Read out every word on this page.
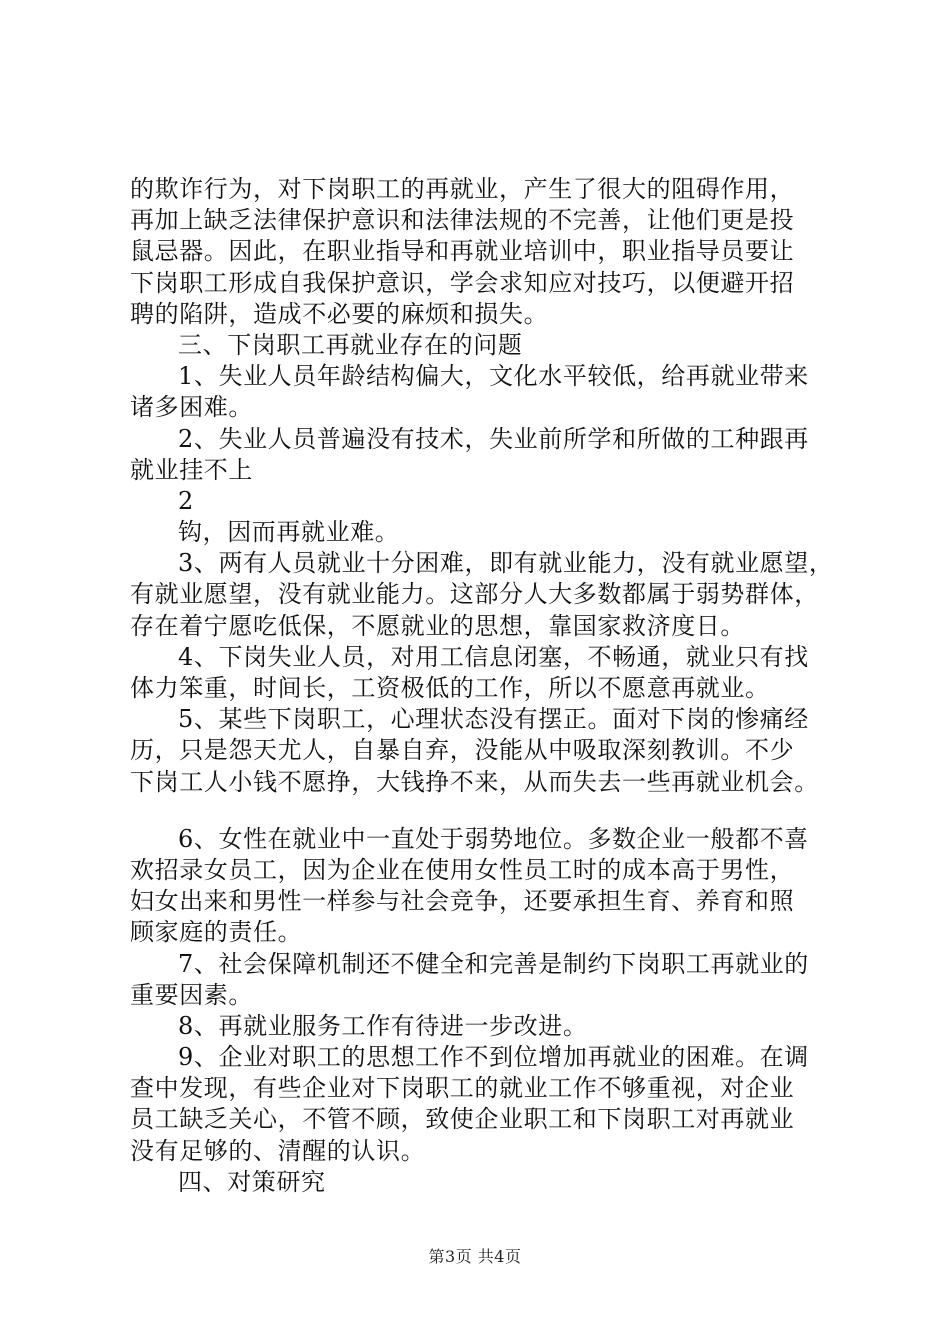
的欺诈行为，对下岗职工的再就业，产生了很大的阻碍作用，
再加上缺乏法律保护意识和法律法规的不完善，让他们更是投
鼠忌器。因此，在职业指导和再就业培训中，职业指导员要让
下岗职工形成自我保护意识，学会求知应对技巧，以便避开招
聘的陷阱，造成不必要的麻烦和损失。
三、下岗职工再就业存在的问题
1、失业人员年龄结构偏大，文化水平较低，给再就业带来
诸多困难。
2、失业人员普遍没有技术，失业前所学和所做的工种跟再
就业挂不上
2
钩，因而再就业难。
3、两有人员就业十分困难，即有就业能力，没有就业愿望，
有就业愿望，没有就业能力。这部分人大多数都属于弱势群体，
存在着宁愿吃低保，不愿就业的思想，靠国家救济度日。
4、下岗失业人员，对用工信息闭塞，不畅通，就业只有找
体力笨重，时间长，工资极低的工作，所以不愿意再就业。
5、某些下岗职工，心理状态没有摆正。面对下岗的惨痛经
历，只是怨天尤人，自暴自弃，没能从中吸取深刻教训。不少
下岗工人小钱不愿挣，大钱挣不来，从而失去一些再就业机会。
6、女性在就业中一直处于弱势地位。多数企业一般都不喜
欢招录女员工，因为企业在使用女性员工时的成本高于男性，
妇女出来和男性一样参与社会竞争，还要承担生育、养育和照
顾家庭的责任。
7、社会保障机制还不健全和完善是制约下岗职工再就业的
重要因素。
8、再就业服务工作有待进一步改进。
9、企业对职工的思想工作不到位增加再就业的困难。在调
查中发现，有些企业对下岗职工的就业工作不够重视，对企业
员工缺乏关心，不管不顾，致使企业职工和下岗职工对再就业
没有足够的、清醒的认识。
四、对策研究
第3页 共4页
